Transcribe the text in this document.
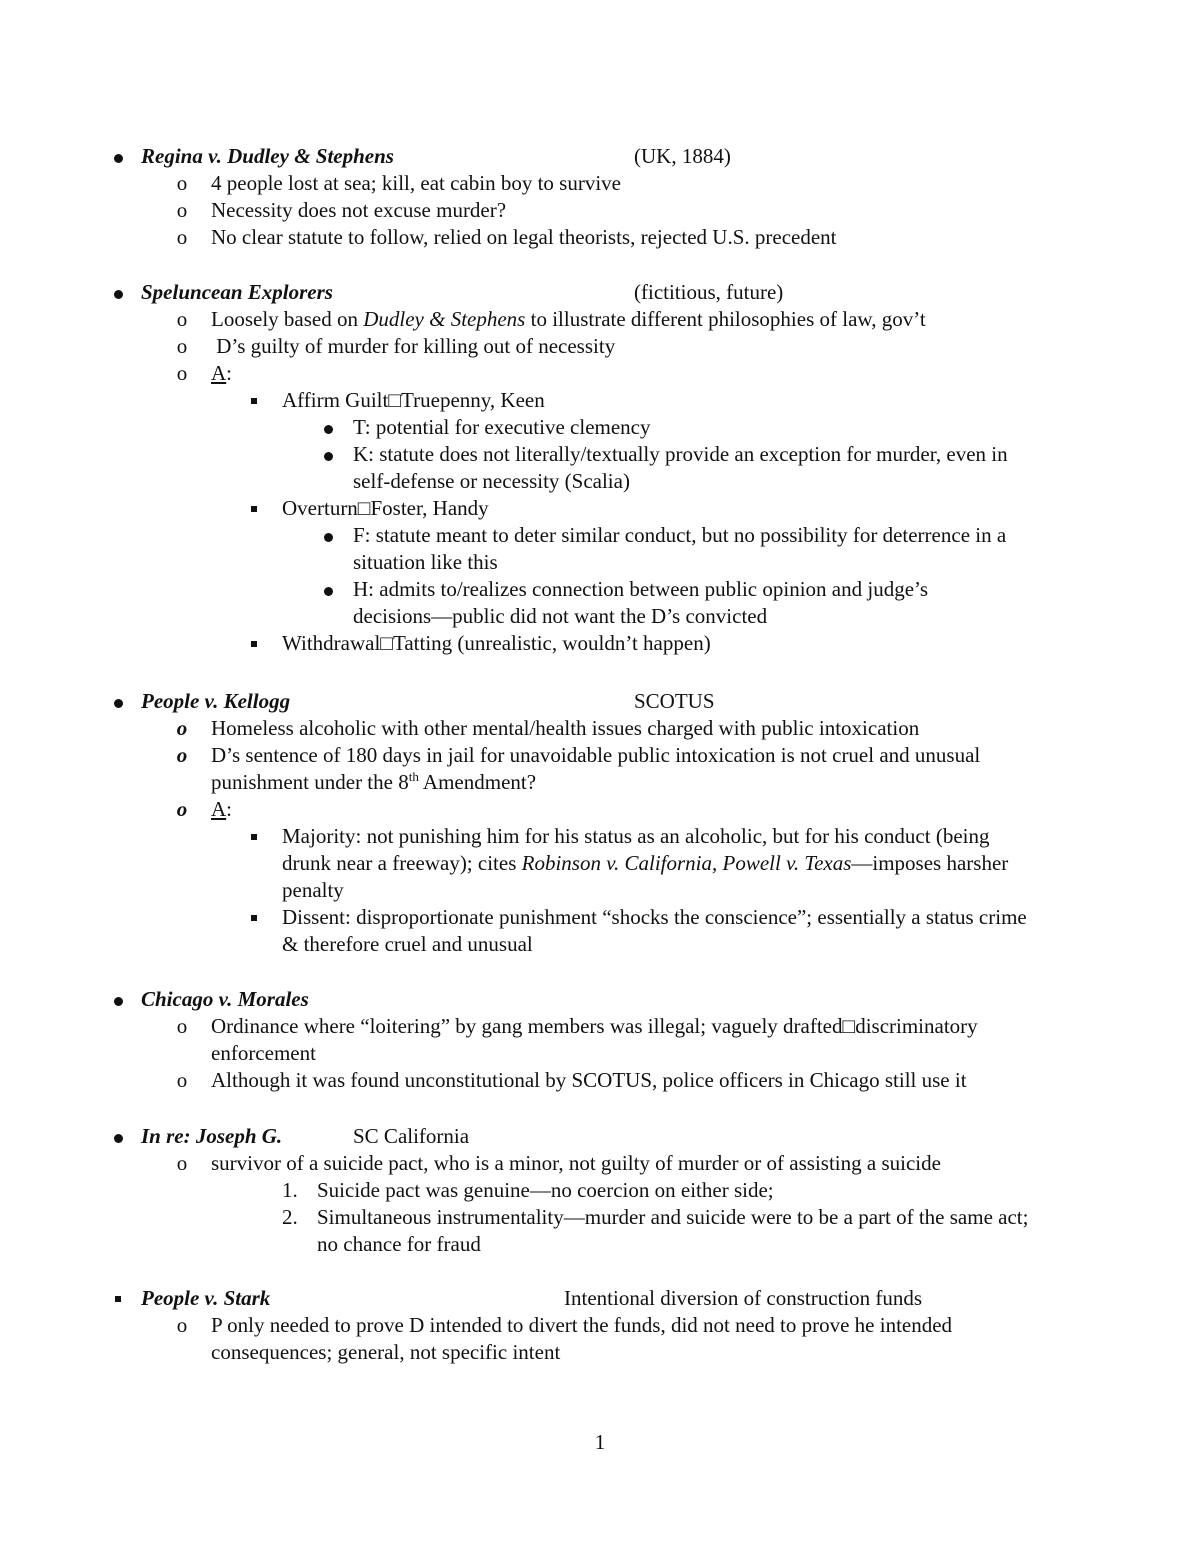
Regina v. Dudley & Stephens	(UK, 1884)
o 4 people lost at sea; kill, eat cabin boy to survive
o Necessity does not excuse murder?
o No clear statute to follow, relied on legal theorists, rejected U.S. precedent
Speluncean Explorers	(fictitious, future)
o Loosely based on Dudley & Stephens to illustrate different philosophies of law, gov’t
o D’s guilty of murder for killing out of necessity
o A:
Affirm Guilt□Truepenny, Keen
T: potential for executive clemency
K: statute does not literally/textually provide an exception for murder, even in
self-defense or necessity (Scalia)
Overturn□Foster, Handy
F: statute meant to deter similar conduct, but no possibility for deterrence in a
situation like this
H: admits to/realizes connection between public opinion and judge’s
decisions—public did not want the D’s convicted
Withdrawal□Tatting (unrealistic, wouldn’t happen)
People v. Kellogg	SCOTUS
o Homeless alcoholic with other mental/health issues charged with public intoxication
o D’s sentence of 180 days in jail for unavoidable public intoxication is not cruel and unusual
punishment under the 8th Amendment?
o A:
Majority: not punishing him for his status as an alcoholic, but for his conduct (being
drunk near a freeway); cites Robinson v. California, Powell v. Texas—imposes harsher
penalty
Dissent: disproportionate punishment “shocks the conscience”; essentially a status crime
& therefore cruel and unusual
Chicago v. Morales
o Ordinance where “loitering” by gang members was illegal; vaguely drafted□discriminatory
enforcement
o Although it was found unconstitutional by SCOTUS, police officers in Chicago still use it
In re: Joseph G.	SC California
o survivor of a suicide pact, who is a minor, not guilty of murder or of assisting a suicide
1. Suicide pact was genuine—no coercion on either side;
2. Simultaneous instrumentality—murder and suicide were to be a part of the same act;
no chance for fraud
People v. Stark	Intentional diversion of construction funds
o P only needed to prove D intended to divert the funds, did not need to prove he intended
consequences; general, not specific intent
1
